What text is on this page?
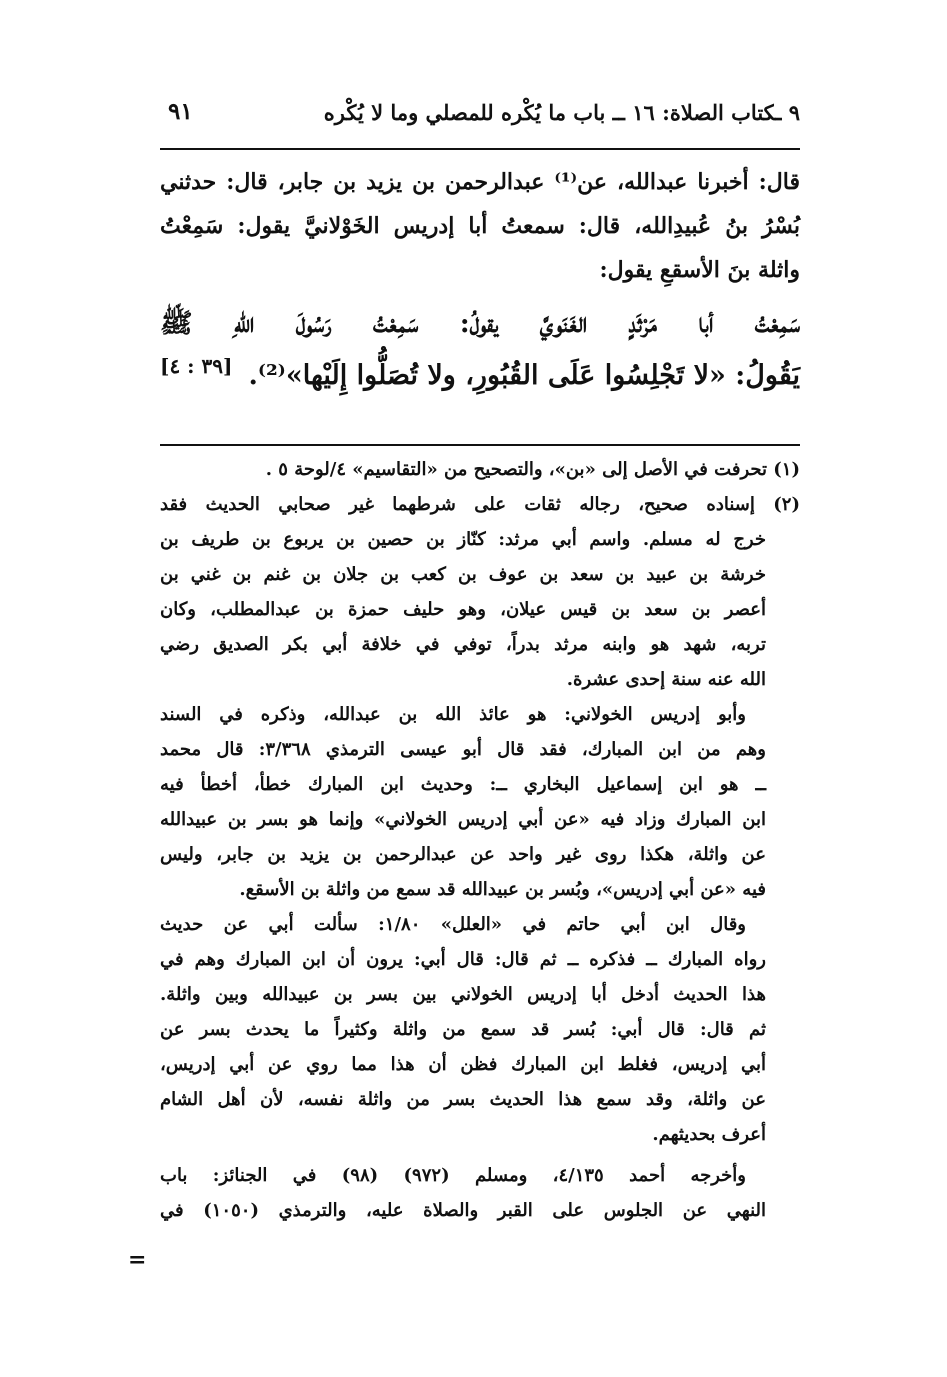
٩ ـكتاب الصلاة: ١٦ ــ باب ما يُكْره للمصلي وما لا يُكْره
٩١
قال: أخبرنا عبدالله، عن⁽¹⁾ عبدالرحمن بن يزيد بن جابر، قال: حدثني
بُسْرُ بنُ عُبيدِالله، قال: سمعتُ أبا إدريس الخَوْلانيَّ يقول: سَمِعْتُ
واثلة بنَ الأسقعِ يقول:
سَمِعْتُ أبا مَرْثَدٍ الغَنَويَّ يقولُ: سَمِعْتُ رَسُولَ اللّهِ ﷺ
يَقُولُ: «لا تَجْلِسُوا عَلَى القُبُورِ، ولا تُصَلُّوا إِلَيْها»⁽²⁾.
[٣٩ : ٤]
(١) تحرفت في الأصل إلى «بن»، والتصحيح من «التقاسيم» ٤/لوحة ٥ .
(٢) إسناده صحيح، رجاله ثقات على شرطهما غير صحابي الحديث فقد
خرج له مسلم. واسم أبي مرثد: كنّاز بن حصين بن يربوع بن طريف بن
خرشة بن عبيد بن سعد بن عوف بن كعب بن جلان بن غنم بن غني بن
أعصر بن سعد بن قيس عيلان، وهو حليف حمزة بن عبدالمطلب، وكان
تربه، شهد هو وابنه مرثد بدراً، توفي في خلافة أبي بكر الصديق رضي
الله عنه سنة إحدى عشرة.
وأبو إدريس الخولاني: هو عائذ الله بن عبدالله، وذكره في السند
وهم من ابن المبارك، فقد قال أبو عيسى الترمذي ٣/٣٦٨: قال محمد
ــ هو ابن إسماعيل البخاري ــ: وحديث ابن المبارك خطأ، أخطأ فيه
ابن المبارك وزاد فيه «عن أبي إدريس الخولاني» وإنما هو بسر بن عبيدالله
عن واثلة، هكذا روى غير واحد عن عبدالرحمن بن يزيد بن جابر، وليس
فيه «عن أبي إدريس»، وبُسر بن عبيدالله قد سمع من واثلة بن الأسقع.
وقال ابن أبي حاتم في «العلل» ١/٨٠: سألت أبي عن حديث
رواه المبارك ــ فذكره ــ ثم قال: قال أبي: يرون أن ابن المبارك وهم في
هذا الحديث أدخل أبا إدريس الخولاني بين بسر بن عبيدالله وبين واثلة.
ثم قال: قال أبي: بُسر قد سمع من واثلة وكثيراً ما يحدث بسر عن
أبي إدريس، فغلط ابن المبارك فظن أن هذا مما روي عن أبي إدريس،
عن واثلة، وقد سمع هذا الحديث بسر من واثلة نفسه، لأن أهل الشام
أعرف بحديثهم.
وأخرجه أحمد ٤/١٣٥، ومسلم (٩٧٢) (٩٨) في الجنائز: باب
النهي عن الجلوس على القبر والصلاة عليه، والترمذي (١٠٥٠) في
=
